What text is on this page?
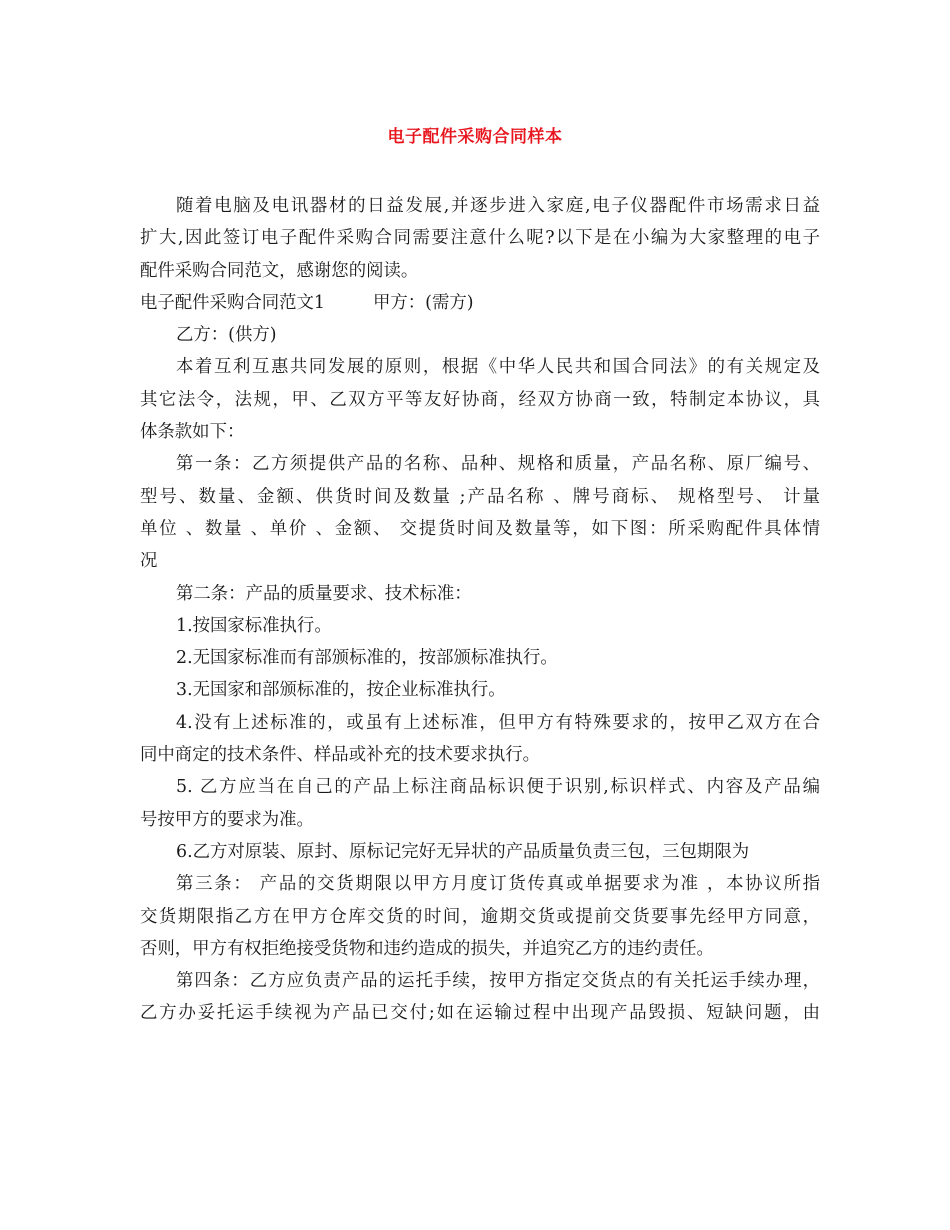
电子配件采购合同样本
随着电脑及电讯器材的日益发展,并逐步进入家庭,电子仪器配件市场需求日益
扩大,因此签订电子配件采购合同需要注意什么呢?以下是在小编为大家整理的电子
配件采购合同范文，感谢您的阅读。
电子配件采购合同范文1	甲方：(需方)
乙方：(供方)
本着互利互惠共同发展的原则，根据《中华人民共和国合同法》的有关规定及
其它法令，法规，甲、乙双方平等友好协商，经双方协商一致，特制定本协议，具
体条款如下：
第一条：乙方须提供产品的名称、品种、规格和质量，产品名称、原厂编号、
型号、数量、金额、供货时间及数量 ;产品名称 、牌号商标、 规格型号、 计量
单位 、数量 、单价 、金额、 交提货时间及数量等，如下图：所采购配件具体情
况
第二条：产品的质量要求、技术标准：
1.按国家标准执行。
2.无国家标准而有部颁标准的，按部颁标准执行。
3.无国家和部颁标准的，按企业标准执行。
4.没有上述标准的，或虽有上述标准，但甲方有特殊要求的，按甲乙双方在合
同中商定的技术条件、样品或补充的技术要求执行。
5. 乙方应当在自己的产品上标注商品标识便于识别,标识样式、内容及产品编
号按甲方的要求为准。
6.乙方对原装、原封、原标记完好无异状的产品质量负责三包，三包期限为
第三条： 产品的交货期限以甲方月度订货传真或单据要求为准 ，本协议所指
交货期限指乙方在甲方仓库交货的时间，逾期交货或提前交货要事先经甲方同意，
否则，甲方有权拒绝接受货物和违约造成的损失，并追究乙方的违约责任。
第四条：乙方应负责产品的运托手续，按甲方指定交货点的有关托运手续办理，
乙方办妥托运手续视为产品已交付;如在运输过程中出现产品毁损、短缺问题，由
